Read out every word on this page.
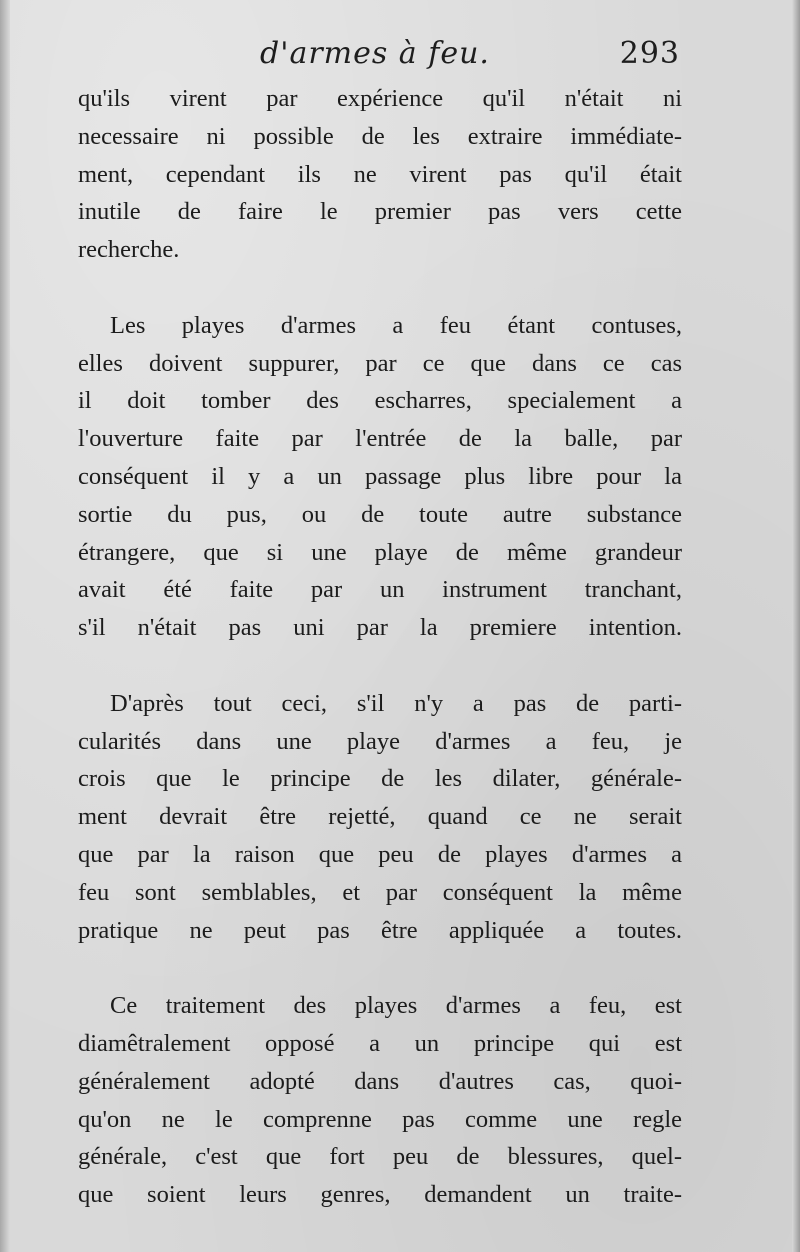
d'armes à feu.	293
qu'ils virent par expérience qu'il n'était ni
necessaire ni possible de les extraire immédiate-
ment, cependant ils ne virent pas qu'il était
inutile de faire le premier pas vers cette
recherche.
Les playes d'armes a feu étant contuses,
elles doivent suppurer, par ce que dans ce cas
il doit tomber des escharres, specialement a
l'ouverture faite par l'entrée de la balle, par
conséquent il y a un passage plus libre pour la
sortie du pus, ou de toute autre substance
étrangere, que si une playe de même grandeur
avait été faite par un instrument tranchant,
s'il n'était pas uni par la premiere intention.
D'après tout ceci, s'il n'y a pas de parti-
cularités dans une playe d'armes a feu, je
crois que le principe de les dilater, générale-
ment devrait être rejetté, quand ce ne serait
que par la raison que peu de playes d'armes a
feu sont semblables, et par conséquent la même
pratique ne peut pas être appliquée a toutes.
Ce traitement des playes d'armes a feu, est
diamêtralement opposé a un principe qui est
généralement adopté dans d'autres cas, quoi-
qu'on ne le comprenne pas comme une regle
générale, c'est que fort peu de blessures, quel-
que soient leurs genres, demandent un traite-
